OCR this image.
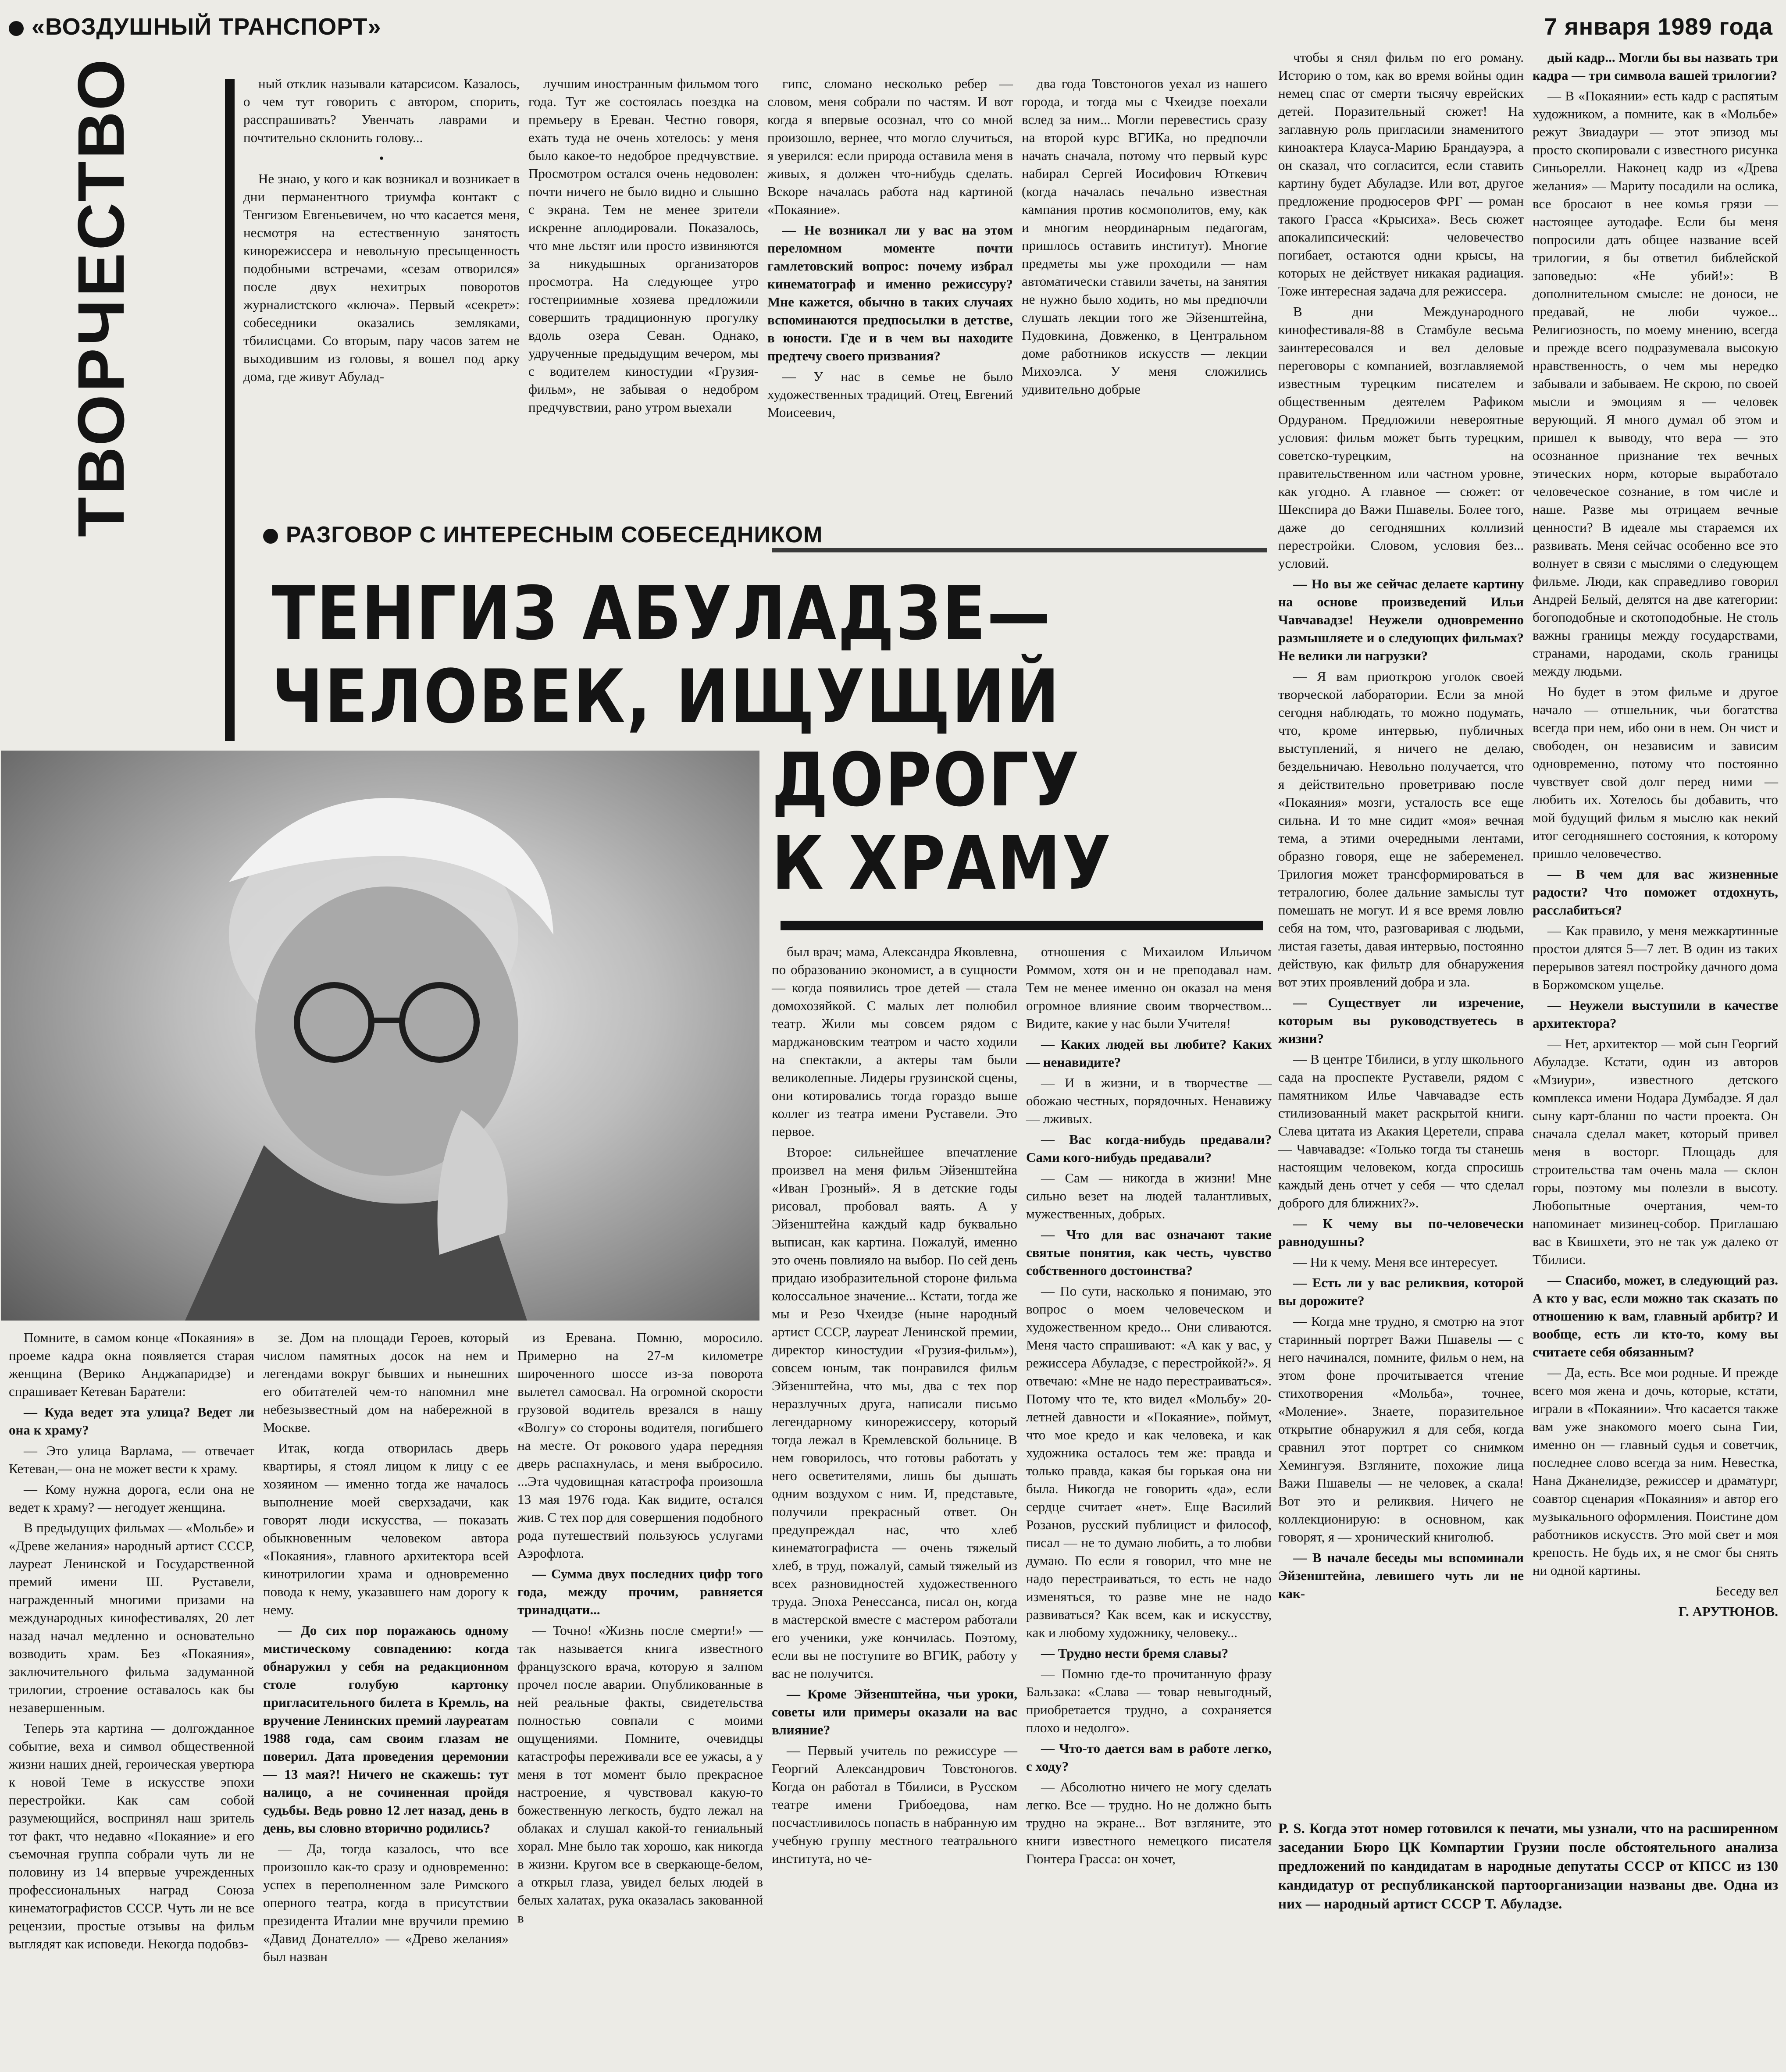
«ВОЗДУШНЫЙ ТРАНСПОРТ»	7 января 1989 года
ТВОРЧЕСТВО	ный отклик называли катарсисом. Казалось, о чем тут говорить с автором, спорить, расспрашивать? Увенчать лаврами и почтительно склонить голову...

•

Не знаю, у кого и как возникал и возникает в дни перманентного триумфа контакт с Тенгизом Евгеньевичем, но что касается меня, несмотря на естественную занятость кинорежиссера и невольную пресыщенность подобными встречами, «сезам отворился» после двух нехитрых поворотов журналистского «ключа». Первый «секрет»: собеседники оказались земляками, тбилисцами. Со вторым, пару часов затем не выходившим из головы, я вошел под арку дома, где живут Абулад-

лучшим иностранным фильмом того года. Тут же состоялась поездка на премьеру в Ереван. Честно говоря, ехать туда не очень хотелось: у меня было какое-то недоброе предчувствие. Просмотром остался очень недоволен: почти ничего не было видно и слышно с экрана. Тем не менее зрители искренне аплодировали. Показалось, что мне льстят или просто извиняются за никудышных организаторов просмотра. На следующее утро гостеприимные хозяева предложили совершить традиционную прогулку вдоль озера Севан. Однако, удрученные предыдущим вечером, мы с водителем киностудии «Грузия-фильм», не забывая о недобром предчувствии, рано утром выехали

гипс, сломано несколько ребер — словом, меня собрали по частям. И вот когда я впервые осознал, что со мной произошло, вернее, что могло случиться, я уверился: если природа оставила меня в живых, я должен что-нибудь сделать. Вскоре началась работа над картиной «Покаяние».

— Не возникал ли у вас на этом переломном моменте почти гамлетовский вопрос: почему избрал кинематограф и именно режиссуру? Мне кажется, обычно в таких случаях вспоминаются предпосылки в детстве, в юности. Где и в чем вы находите предтечу своего призвания?

— У нас в семье не было художественных традиций. Отец, Евгений Моисеевич,

два года Товстоногов уехал из нашего города, и тогда мы с Чхеидзе поехали вслед за ним... Могли перевестись сразу на второй курс ВГИКа, но предпочли начать сначала, потому что первый курс набирал Сергей Иосифович Юткевич (когда началась печально известная кампания против космополитов, ему, как и многим неординарным педагогам, пришлось оставить институт). Многие предметы мы уже проходили — нам автоматически ставили зачеты, на занятия не нужно было ходить, но мы предпочли слушать лекции того же Эйзенштейна, Пудовкина, Довженко, в Центральном доме работников искусств — лекции Михоэлса. У меня сложились удивительно добрые

РАЗГОВОР С ИНТЕРЕСНЫМ СОБЕСЕДНИКОМ
ТЕНГИЗ АБУЛАДЗЕ—
ЧЕЛОВЕК, ИЩУЩИЙ
ДОРОГУ
К ХРАМУ

Помните, в самом конце «Покаяния» в проеме кадра окна появляется старая женщина (Верико Анджапаридзе) и спрашивает Кетеван Баратели:

— Куда ведет эта улица? Ведет ли она к храму?

— Это улица Варлама, — отвечает Кетеван,— она не может вести к храму.

— Кому нужна дорога, если она не ведет к храму? — негодует женщина.

В предыдущих фильмах — «Мольбе» и «Древе желания» народный артист СССР, лауреат Ленинской и Государственной премий имени Ш. Руставели, награжденный многими призами на международных кинофестивалях, 20 лет назад начал медленно и основательно возводить храм. Без «Покаяния», заключительного фильма задуманной трилогии, строение оставалось как бы незавершенным.

Теперь эта картина — долгожданное событие, веха и символ общественной жизни наших дней, героическая увертюра к новой Теме в искусстве эпохи перестройки. Как сам собой разумеющийся, воспринял наш зритель тот факт, что недавно «Покаяние» и его съемочная группа собрали чуть ли не половину из 14 впервые учрежденных профессиональных наград Союза кинематографистов СССР. Чуть ли не все рецензии, простые отзывы на фильм выглядят как исповеди. Некогда подобвз-

зе. Дом на площади Героев, который числом памятных досок на нем и легендами вокруг бывших и нынешних его обитателей чем-то напомнил мне небезызвестный дом на набережной в Москве.

Итак, когда отворилась дверь квартиры, я стоял лицом к лицу с ее хозяином — именно тогда же началось выполнение моей сверхзадачи, как говорят люди искусства, — показать обыкновенным человеком автора «Покаяния», главного архитектора всей кинотрилогии храма и одновременно повода к нему, указавшего нам дорогу к нему.

— До сих пор поражаюсь одному мистическому совпадению: когда обнаружил у себя на редакционном столе голубую картонку пригласительного билета в Кремль, на вручение Ленинских премий лауреатам 1988 года, сам своим глазам не поверил. Дата проведения церемонии — 13 мая?! Ничего не скажешь: тут налицо, а не сочиненная пройдя судьбы. Ведь ровно 12 лет назад, день в день, вы словно вторично родились?

— Да, тогда казалось, что все произошло как-то сразу и одновременно: успех в переполненном зале Римского оперного театра, когда в присутствии президента Италии мне вручили премию «Давид Донателло» — «Древо желания» был назван

из Еревана. Помню, моросило. Примерно на 27-м километре широченного шоссе из-за поворота вылетел самосвал. На огромной скорости грузовой водитель врезался в нашу «Волгу» со стороны водителя, погибшего на месте. От рокового удара передняя дверь распахнулась, и меня выбросило. ...Эта чудовищная катастрофа произошла 13 мая 1976 года. Как видите, остался жив. С тех пор для совершения подобного рода путешествий пользуюсь услугами Аэрофлота.

— Сумма двух последних цифр того года, между прочим, равняется тринадцати...

— Точно! «Жизнь после смерти!» — так называется книга известного французского врача, которую я залпом прочел после аварии. Опубликованные в ней реальные факты, свидетельства полностью совпали с моими ощущениями. Помните, очевидцы катастрофы переживали все ее ужасы, а у меня в тот момент было прекрасное настроение, я чувствовал какую-то божественную легкость, будто лежал на облаках и слушал какой-то гениальный хорал. Мне было так хорошо, как никогда в жизни. Кругом все в сверкающе-белом, а открыл глаза, увидел белых людей в белых халатах, рука оказалась закованной в

был врач; мама, Александра Яковлевна, по образованию экономист, а в сущности — когда появились трое детей — стала домохозяйкой. С малых лет полюбил театр. Жили мы совсем рядом с марджановским театром и часто ходили на спектакли, а актеры там были великолепные. Лидеры грузинской сцены, они котировались тогда гораздо выше коллег из театра имени Руставели. Это первое.

Второе: сильнейшее впечатление произвел на меня фильм Эйзенштейна «Иван Грозный». Я в детские годы рисовал, пробовал ваять. А у Эйзенштейна каждый кадр буквально выписан, как картина. Пожалуй, именно это очень повлияло на выбор. По сей день придаю изобразительной стороне фильма колоссальное значение... Кстати, тогда же мы и Резо Чхеидзе (ныне народный артист СССР, лауреат Ленинской премии, директор киностудии «Грузия-фильм»), совсем юным, так понравился фильм Эйзенштейна, что мы, два с тех пор неразлучных друга, написали письмо легендарному кинорежиссеру, который тогда лежал в Кремлевской больнице. В нем говорилось, что готовы работать у него осветителями, лишь бы дышать одним воздухом с ним. И, представьте, получили прекрасный ответ. Он предупреждал нас, что хлеб кинематографиста — очень тяжелый хлеб, в труд, пожалуй, самый тяжелый из всех разновидностей художественного труда. Эпоха Ренессанса, писал он, когда в мастерской вместе с мастером работали его ученики, уже кончилась. Поэтому, если вы не поступите во ВГИК, работу у вас не получится.

— Кроме Эйзенштейна, чьи уроки, советы или примеры оказали на вас влияние?

— Первый учитель по режиссуре — Георгий Александрович Товстоногов. Когда он работал в Тбилиси, в Русском театре имени Грибоедова, нам посчастливилось попасть в набранную им учебную группу местного театрального института, но че-

отношения с Михаилом Ильичом Роммом, хотя он и не преподавал нам. Тем не менее именно он оказал на меня огромное влияние своим творчеством... Видите, какие у нас были Учителя!

— Каких людей вы любите? Каких — ненавидите?

— И в жизни, и в творчестве — обожаю честных, порядочных. Ненавижу — лживых.

— Вас когда-нибудь предавали? Сами кого-нибудь предавали?

— Сам — никогда в жизни! Мне сильно везет на людей талантливых, мужественных, добрых.

— Что для вас означают такие святые понятия, как честь, чувство собственного достоинства?

— По сути, насколько я понимаю, это вопрос о моем человеческом и художественном кредо... Они сливаются. Меня часто спрашивают: «А как у вас, у режиссера Абуладзе, с перестройкой?». Я отвечаю: «Мне не надо перестраиваться». Потому что те, кто видел «Мольбу» 20-летней давности и «Покаяние», поймут, что мое кредо и как человека, и как художника осталось тем же: правда и только правда, какая бы горькая она ни была. Никогда не говорить «да», если сердце считает «нет». Еще Василий Розанов, русский публицист и философ, писал — не то думаю любить, а то любви думаю. По если я говорил, что мне не надо перестраиваться, то есть не надо изменяться, то разве мне не надо развиваться? Как всем, как и искусству, как и любому художнику, человеку...

— Трудно нести бремя славы?

— Помню где-то прочитанную фразу Бальзака: «Слава — товар невыгодный, приобретается трудно, а сохраняется плохо и недолго».

— Что-то дается вам в работе легко, с ходу?

— Абсолютно ничего не могу сделать легко. Все — трудно. Но не должно быть трудно на экране... Вот взгляните, это книги известного немецкого писателя Гюнтера Грасса: он хочет,

чтобы я снял фильм по его роману. Историю о том, как во время войны один немец спас от смерти тысячу еврейских детей. Поразительный сюжет! На заглавную роль пригласили знаменитого киноактера Клауса-Марию Брандауэра, а он сказал, что согласится, если ставить картину будет Абуладзе. Или вот, другое предложение продюсеров ФРГ — роман такого Грасса «Крысиха». Весь сюжет апокалипсический: человечество погибает, остаются одни крысы, на которых не действует никакая радиация. Тоже интересная задача для режиссера.

В дни Международного кинофестиваля-88 в Стамбуле весьма заинтересовался и вел деловые переговоры с компанией, возглавляемой известным турецким писателем и общественным деятелем Рафиком Ордураном. Предложили невероятные условия: фильм может быть турецким, советско-турецким, на правительственном или частном уровне, как угодно. А главное — сюжет: от Шекспира до Важи Пшавелы. Более того, даже до сегодняшних коллизий перестройки. Словом, условия без... условий.

— Но вы же сейчас делаете картину на основе произведений Ильи Чавчавадзе! Неужели одновременно размышляете и о следующих фильмах? Не велики ли нагрузки?

— Я вам приоткрою уголок своей творческой лаборатории. Если за мной сегодня наблюдать, то можно подумать, что, кроме интервью, публичных выступлений, я ничего не делаю, бездельничаю. Невольно получается, что я действительно проветриваю после «Покаяния» мозги, усталость все еще сильна. И то мне сидит «моя» вечная тема, а этими очередными лентами, образно говоря, еще не забеременел. Трилогия может трансформироваться в тетралогию, более дальние замыслы тут помешать не могут. И я все время ловлю себя на том, что, разговаривая с людьми, листая газеты, давая интервью, постоянно действую, как фильтр для обнаружения вот этих проявлений добра и зла.

— Существует ли изречение, которым вы руководствуетесь в жизни?

— В центре Тбилиси, в углу школьного сада на проспекте Руставели, рядом с памятником Илье Чавчавадзе есть стилизованный макет раскрытой книги. Слева цитата из Акакия Церетели, справа — Чавчавадзе: «Только тогда ты станешь настоящим человеком, когда спросишь каждый день отчет у себя — что сделал доброго для ближних?».

— К чему вы по-человечески равнодушны?

— Ни к чему. Меня все интересует.

— Есть ли у вас реликвия, которой вы дорожите?

— Когда мне трудно, я смотрю на этот старинный портрет Важи Пшавелы — с него начинался, помните, фильм о нем, на этом фоне прочитывается чтение стихотворения «Мольба», точнее, «Моление». Знаете, поразительное открытие обнаружил я для себя, когда сравнил этот портрет со снимком Хемингуэя. Взгляните, похожие лица Важи Пшавелы — не человек, а скала! Вот это и реликвия. Ничего не коллекционирую: в основном, как говорят, я — хронический книголюб.

— В начале беседы мы вспоминали Эйзенштейна, левишего чуть ли не как-

дый кадр... Могли бы вы назвать три кадра — три символа вашей трилогии?

— В «Покаянии» есть кадр с распятым художником, а помните, как в «Мольбе» режут Звиадаури — этот эпизод мы просто скопировали с известного рисунка Синьорелли. Наконец кадр из «Древа желания» — Мариту посадили на ослика, все бросают в нее комья грязи — настоящее аутодафе. Если бы меня попросили дать общее название всей трилогии, я бы ответил библейской заповедью: «Не убий!»: В дополнительном смысле: не доноси, не предавай, не люби чужое... Религиозность, по моему мнению, всегда и прежде всего подразумевала высокую нравственность, о чем мы нередко забывали и забываем. Не скрою, по своей мысли и эмоциям я — человек верующий. Я много думал об этом и пришел к выводу, что вера — это осознанное признание тех вечных этических норм, которые выработало человеческое сознание, в том числе и наше. Разве мы отрицаем вечные ценности? В идеале мы стараемся их развивать. Меня сейчас особенно все это волнует в связи с мыслями о следующем фильме. Люди, как справедливо говорил Андрей Белый, делятся на две категории: богоподобные и скотоподобные. Не столь важны границы между государствами, странами, народами, сколь границы между людьми.

Но будет в этом фильме и другое начало — отшельник, чьи богатства всегда при нем, ибо они в нем. Он чист и свободен, он независим и зависим одновременно, потому что постоянно чувствует свой долг перед ними — любить их. Хотелось бы добавить, что мой будущий фильм я мыслю как некий итог сегодняшнего состояния, к которому пришло человечество.

— В чем для вас жизненные радости? Что поможет отдохнуть, расслабиться?

— Как правило, у меня межкартинные простои длятся 5—7 лет. В один из таких перерывов затеял постройку дачного дома в Боржомском ущелье.

— Неужели выступили в качестве архитектора?

— Нет, архитектор — мой сын Георгий Абуладзе. Кстати, один из авторов «Мзиури», известного детского комплекса имени Нодара Думбадзе. Я дал сыну карт-бланш по части проекта. Он сначала сделал макет, который привел меня в восторг. Площадь для строительства там очень мала — склон горы, поэтому мы полезли в высоту. Любопытные очертания, чем-то напоминает мизинец-собор. Приглашаю вас в Квишхети, это не так уж далеко от Тбилиси.

— Спасибо, может, в следующий раз. А кто у вас, если можно так сказать по отношению к вам, главный арбитр? И вообще, есть ли кто-то, кому вы считаете себя обязанным?

— Да, есть. Все мои родные. И прежде всего моя жена и дочь, которые, кстати, играли в «Покаянии». Что касается также вам уже знакомого моего сына Гии, именно он — главный судья и советчик, последнее слово всегда за ним. Невестка, Нана Джанелидзе, режиссер и драматург, соавтор сценария «Покаяния» и автор его музыкального оформления. Поистине дом работников искусств. Это мой свет и моя крепость. Не будь их, я не смог бы снять ни одной картины.

Беседу вел

Г. АРУТЮНОВ.

Р. S. Когда этот номер готовился к печати, мы узнали, что на расширенном заседании Бюро ЦК Компартии Грузии после обстоятельного анализа предложений по кандидатам в народные депутаты СССР от КПСС из 130 кандидатур от республиканской партоорганизации названы две. Одна из них — народный артист СССР Т. Абуладзе.
